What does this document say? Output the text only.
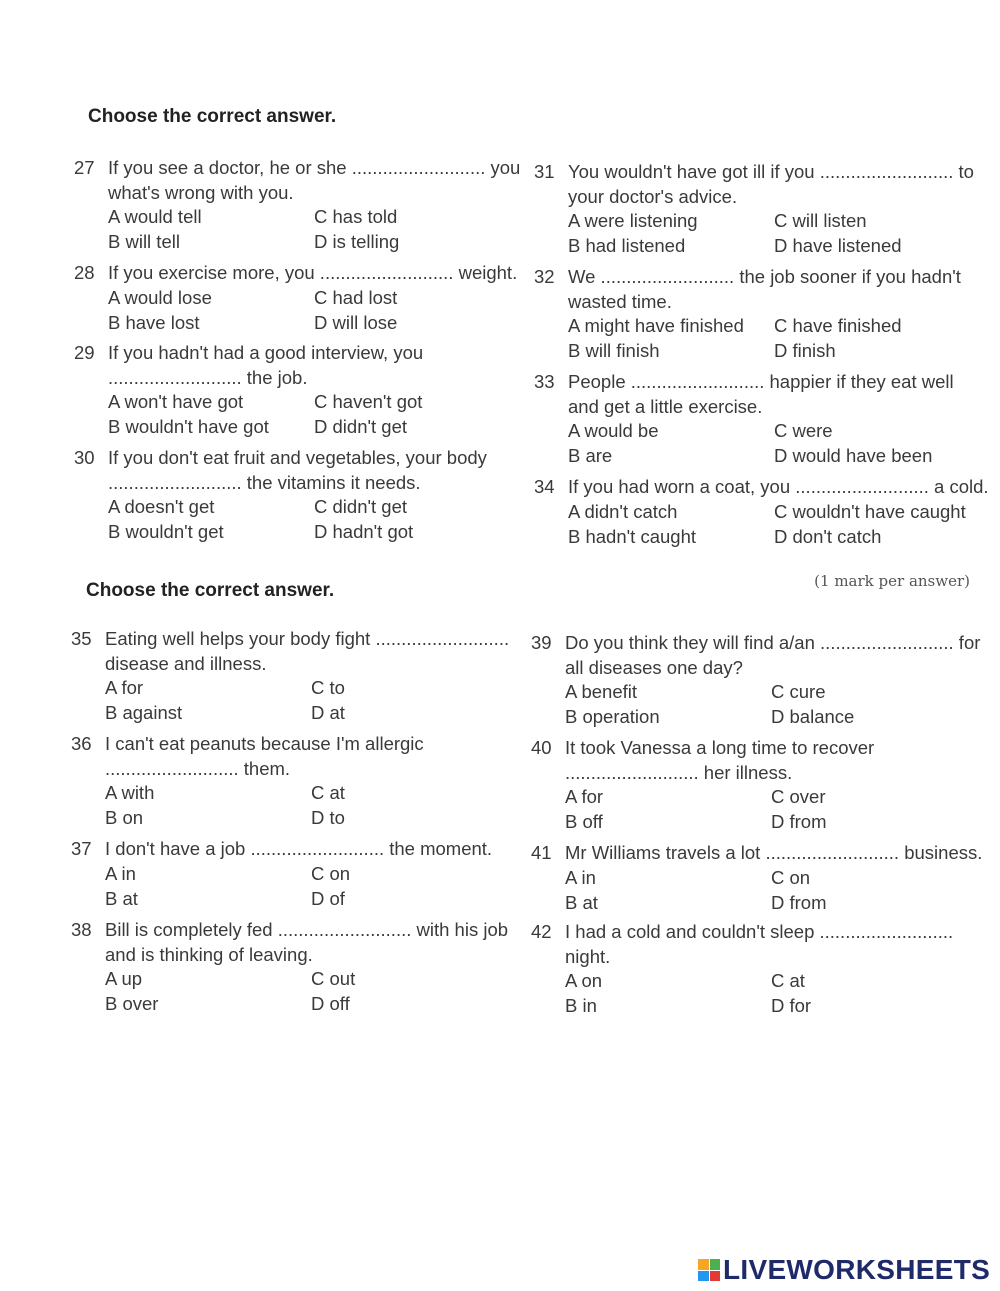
Choose the correct answer.
27 If you see a doctor, he or she .......................... you
what's wrong with you.
A would tell	C has told
B will tell	D is telling
28 If you exercise more, you .......................... weight.
A would lose	C had lost
B have lost	D will lose
29 If you hadn't had a good interview, you
.......................... the job.
A won't have got	C haven't got
B wouldn't have got D didn't get
30 If you don't eat fruit and vegetables, your body
.......................... the vitamins it needs.
A doesn't get	C didn't get
B wouldn't get	D hadn't got
31 You wouldn't have got ill if you .......................... to
your doctor's advice.
A were listening	C will listen
B had listened	D have listened
32 We .......................... the job sooner if you hadn't
wasted time.
A might have finished C have finished
B will finish	D finish
33 People .......................... happier if they eat well
and get a little exercise.
A would be	C were
B are	D would have been
34 If you had worn a coat, you .......................... a cold.
A didn't catch	C wouldn't have caught
B hadn't caught	D don't catch
Choose the correct answer.	(1 mark per answer)
35 Eating well helps your body fight ..........................
disease and illness.
A for	C to
B against	D at
36 I can't eat peanuts because I'm allergic
.......................... them.
A with	C at
B on	D to
37 I don't have a job .......................... the moment.
A in	C on
B at	D of
38 Bill is completely fed .......................... with his job
and is thinking of leaving.
A up	C out
B over	D off
39 Do you think they will find a/an .......................... for
all diseases one day?
A benefit	C cure
B operation	D balance
40 It took Vanessa a long time to recover
.......................... her illness.
A for	C over
B off	D from
41 Mr Williams travels a lot .......................... business.
A in	C on
B at	D from
42 I had a cold and couldn't sleep ..........................
night.
A on	C at
B in	D for
LIVEWORKSHEETS
